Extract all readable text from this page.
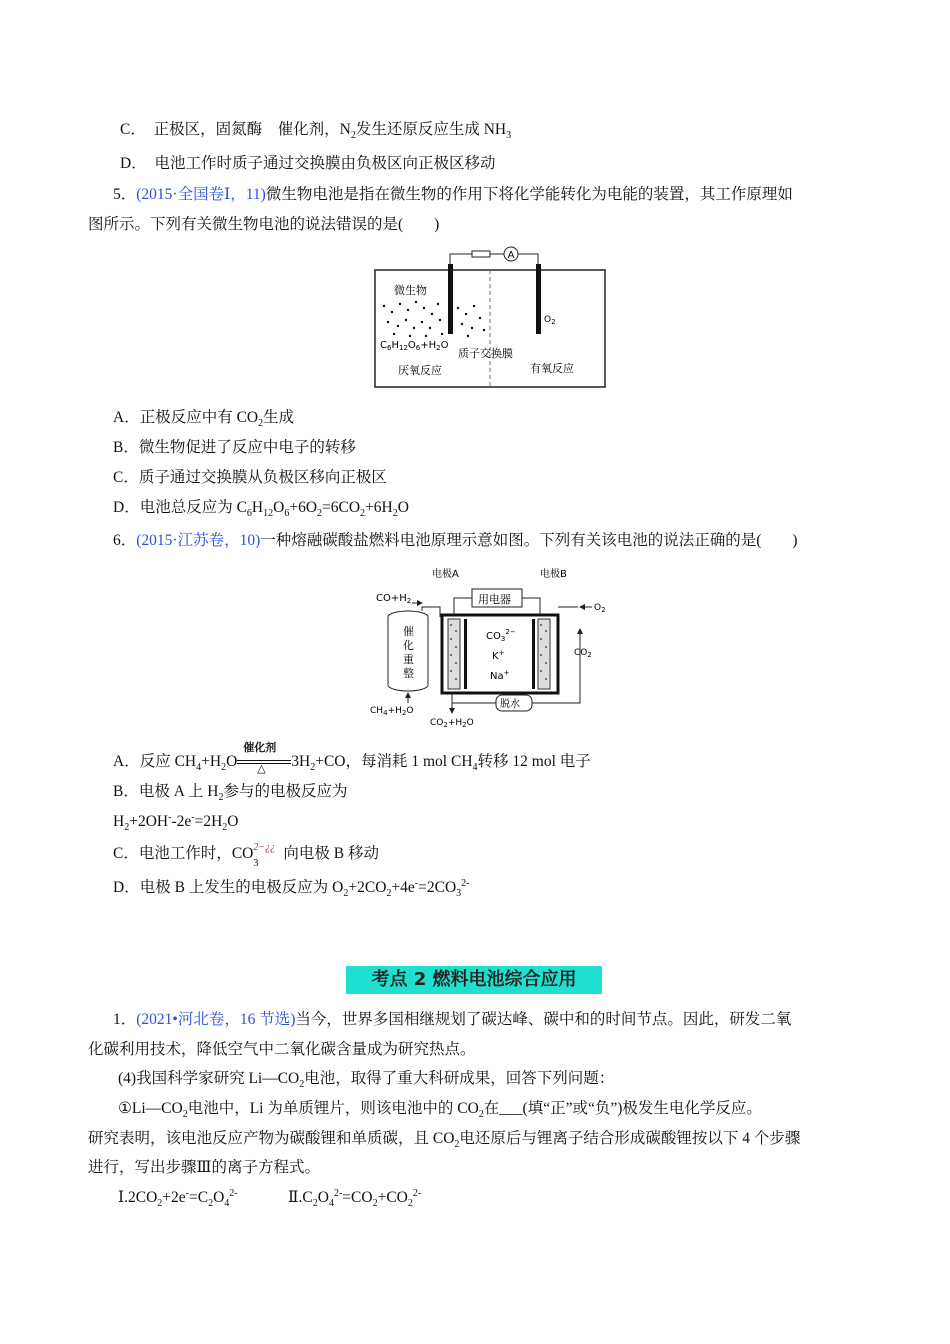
C． 正极区，固氮酶 催化剂，$N_2$发生还原反应生成 $NH_3$
D． 电池工作时质子通过交换膜由负极区向正极区移动
5．(2015·全国卷Ⅰ，11)微生物电池是指在微生物的作用下将化学能转化为电能的装置，其工作原理如
图所示。下列有关微生物电池的说法错误的是(　　)
A
微生物
$O_2$
$C_6H_{12}O_6+H_2O$
质子交换膜
厌氧反应	有氧反应
A．正极反应中有 $CO_2$生成
B．微生物促进了反应中电子的转移
C．质子通过交换膜从负极区移向正极区
D．电池总反应为 $C_6H_{12}O_6+6O_2=6CO_2+6H_2O$
6．(2015·江苏卷，10)一种熔融碳酸盐燃料电池原理示意如图。下列有关该电池的说法正确的是(　　)
电极A	电极B
$CO+H_2$	用电器
催
化
重
整
$CO_3^{2-}$
K+
Na+
$O_2$
$CO_2$
脱水
$CO_2+H_2O$
$CH_4+H_2O$
A．反应 $CH_4+H_2O$
催化剂
△ $3H_2+CO$，每消耗 1 mol $CH_4$转移 12 mol 电子
B．电极 A 上 $H_2$参与的电极反应为
$H_2+2OH^--2e^-=2H_2O$
C．电池工作时，CO 2−¿¿
3
向电极 B 移动
D．电极 B 上发生的电极反应为 $O_2+2CO_2+4e^-=2CO_3^{2-}$
考点 2 燃料电池综合应用
1．(2021•河北卷，16 节选)当今，世界多国相继规划了碳达峰、碳中和的时间节点。因此，研发二氧
化碳利用技术，降低空气中二氧化碳含量成为研究热点。
(4)我国科学家研究 $Li—CO_2$电池，取得了重大科研成果，回答下列问题：
$①Li—CO_2$电池中，Li 为单质锂片，则该电池中的 $CO_2$在___(填“正”或“负”)极发生电化学反应。
研究表明，该电池反应产物为碳酸锂和单质碳，且 $CO_2$电还原后与锂离子结合形成碳酸锂按以下 4 个步骤
进行，写出步骤Ⅲ的离子方程式。
$Ⅰ.2CO_2+2e^-=C_2O_4^{2-}$	$Ⅱ.C_2O_4^{2-}=CO_2+CO_2^{2-}$
